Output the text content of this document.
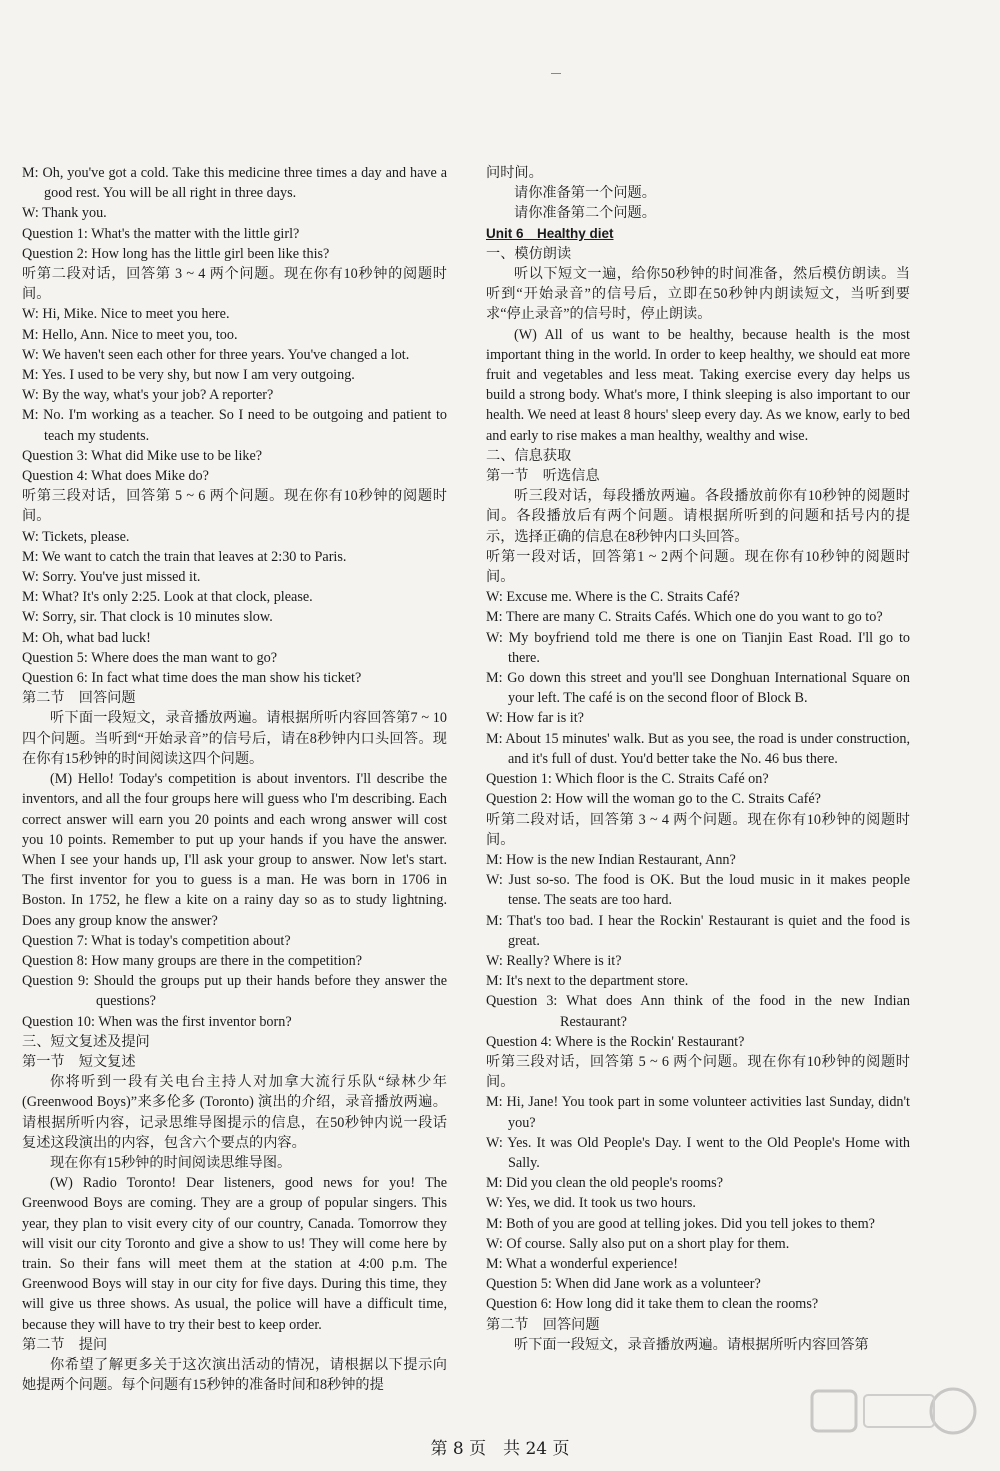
M: Oh, you've got a cold. Take this medicine three times a day and have a good rest. You will be all right in three days.

W: Thank you.

Question 1: What's the matter with the little girl?

Question 2: How long has the little girl been like this?

听第二段对话，回答第 3 ~ 4 两个问题。现在你有10秒钟的阅题时间。

W: Hi, Mike. Nice to meet you here.

M: Hello, Ann. Nice to meet you, too.

W: We haven't seen each other for three years. You've changed a lot.

M: Yes. I used to be very shy, but now I am very outgoing.

W: By the way, what's your job? A reporter?

M: No. I'm working as a teacher. So I need to be outgoing and patient to teach my students.

Question 3: What did Mike use to be like?

Question 4: What does Mike do?

听第三段对话，回答第 5 ~ 6 两个问题。现在你有10秒钟的阅题时间。

W: Tickets, please.

M: We want to catch the train that leaves at 2:30 to Paris.

W: Sorry. You've just missed it.

M: What? It's only 2:25. Look at that clock, please.

W: Sorry, sir. That clock is 10 minutes slow.

M: Oh, what bad luck!

Question 5: Where does the man want to go?

Question 6: In fact what time does the man show his ticket?

第二节　回答问题

听下面一段短文，录音播放两遍。请根据所听内容回答第7 ~ 10四个问题。当听到“开始录音”的信号后，请在8秒钟内口头回答。现在你有15秒钟的时间阅读这四个问题。

(M) Hello! Today's competition is about inventors. I'll describe the inventors, and all the four groups here will guess who I'm describing. Each correct answer will earn you 20 points and each wrong answer will cost you 10 points. Remember to put up your hands if you have the answer. When I see your hands up, I'll ask your group to answer. Now let's start. The first inventor for you to guess is a man. He was born in 1706 in Boston. In 1752, he flew a kite on a rainy day so as to study lightning. Does any group know the answer?

Question 7: What is today's competition about?

Question 8: How many groups are there in the competition?

Question 9: Should the groups put up their hands before they answer the questions?

Question 10: When was the first inventor born?

三、短文复述及提问

第一节　短文复述

你将听到一段有关电台主持人对加拿大流行乐队“绿林少年 (Greenwood Boys)”来多伦多 (Toronto) 演出的介绍，录音播放两遍。请根据所听内容，记录思维导图提示的信息，在50秒钟内说一段话复述这段演出的内容，包含六个要点的内容。

现在你有15秒钟的时间阅读思维导图。

(W) Radio Toronto! Dear listeners, good news for you! The Greenwood Boys are coming. They are a group of popular singers. This year, they plan to visit every city of our country, Canada. Tomorrow they will visit our city Toronto and give a show to us! They will come here by train. So their fans will meet them at the station at 4:00 p.m. The Greenwood Boys will stay in our city for five days. During this time, they will give us three shows. As usual, the police will have a difficult time, because they will have to try their best to keep order.

第二节　提问

你希望了解更多关于这次演出活动的情况，请根据以下提示向她提两个问题。每个问题有15秒钟的准备时间和8秒钟的提

问时间。

请你准备第一个问题。

请你准备第二个问题。

Unit 6　Healthy diet

一、模仿朗读

听以下短文一遍，给你50秒钟的时间准备，然后模仿朗读。当听到“开始录音”的信号后，立即在50秒钟内朗读短文，当听到要求“停止录音”的信号时，停止朗读。

(W) All of us want to be healthy, because health is the most important thing in the world. In order to keep healthy, we should eat more fruit and vegetables and less meat. Taking exercise every day helps us build a strong body. What's more, I think sleeping is also important to our health. We need at least 8 hours' sleep every day. As we know, early to bed and early to rise makes a man healthy, wealthy and wise.

二、信息获取

第一节　听选信息

听三段对话，每段播放两遍。各段播放前你有10秒钟的阅题时间。各段播放后有两个问题。请根据所听到的问题和括号内的提示，选择正确的信息在8秒钟内口头回答。

听第一段对话，回答第1 ~ 2两个问题。现在你有10秒钟的阅题时间。

W: Excuse me. Where is the C. Straits Café?

M: There are many C. Straits Cafés. Which one do you want to go to?

W: My boyfriend told me there is one on Tianjin East Road. I'll go to there.

M: Go down this street and you'll see Donghuan International Square on your left. The café is on the second floor of Block B.

W: How far is it?

M: About 15 minutes' walk. But as you see, the road is under construction, and it's full of dust. You'd better take the No. 46 bus there.

Question 1: Which floor is the C. Straits Café on?

Question 2: How will the woman go to the C. Straits Café?

听第二段对话，回答第 3 ~ 4 两个问题。现在你有10秒钟的阅题时间。

M: How is the new Indian Restaurant, Ann?

W: Just so-so. The food is OK. But the loud music in it makes people tense. The seats are too hard.

M: That's too bad. I hear the Rockin' Restaurant is quiet and the food is great.

W: Really? Where is it?

M: It's next to the department store.

Question 3: What does Ann think of the food in the new Indian Restaurant?

Question 4: Where is the Rockin' Restaurant?

听第三段对话，回答第 5 ~ 6 两个问题。现在你有10秒钟的阅题时间。

M: Hi, Jane! You took part in some volunteer activities last Sunday, didn't you?

W: Yes. It was Old People's Day. I went to the Old People's Home with Sally.

M: Did you clean the old people's rooms?

W: Yes, we did. It took us two hours.

M: Both of you are good at telling jokes. Did you tell jokes to them?

W: Of course. Sally also put on a short play for them.

M: What a wonderful experience!

Question 5: When did Jane work as a volunteer?

Question 6: How long did it take them to clean the rooms?

第二节　回答问题

听下面一段短文，录音播放两遍。请根据所听内容回答第

第 8 页　共 24 页
